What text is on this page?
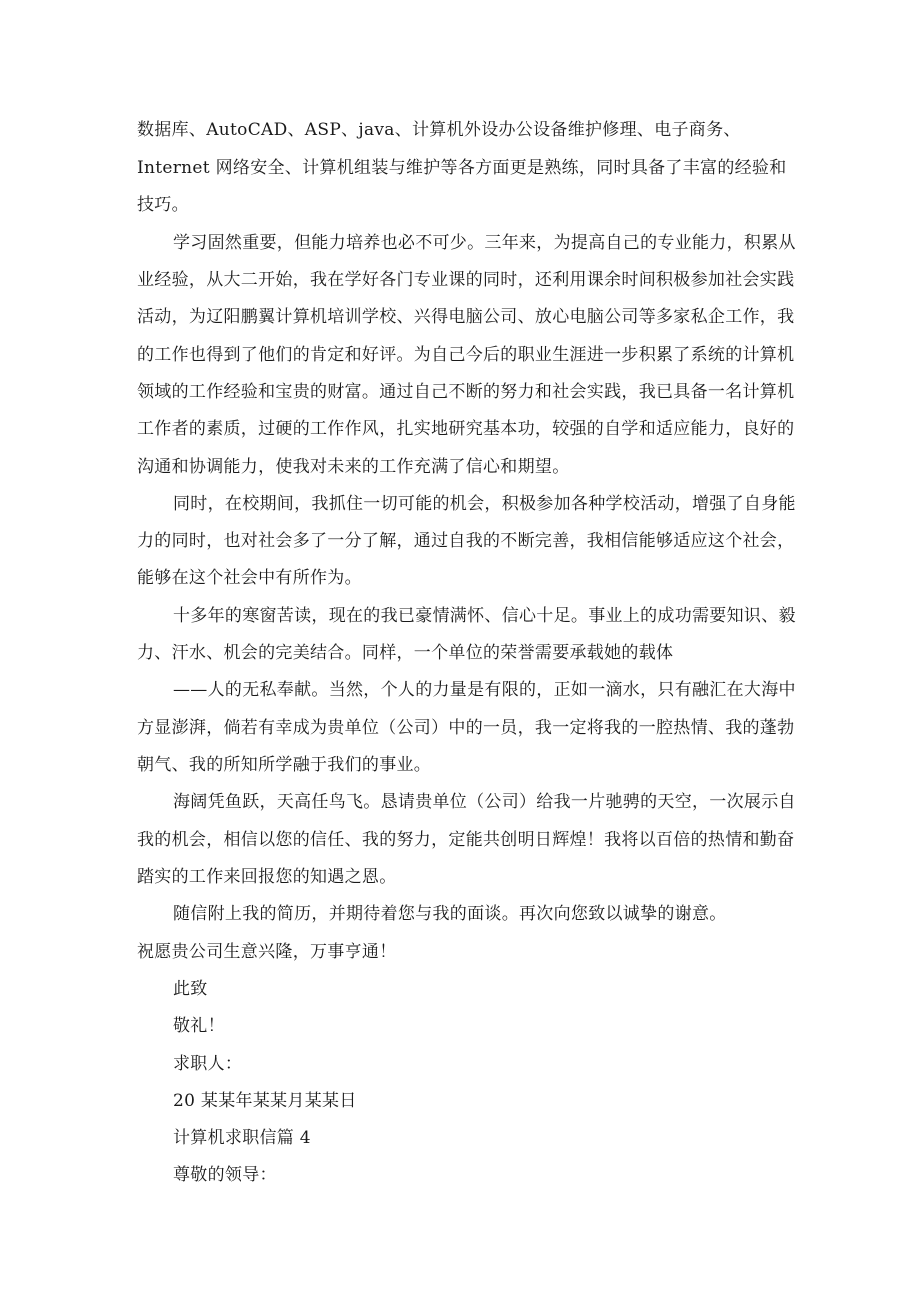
数据库、AutoCAD、ASP、java、计算机外设办公设备维护修理、电子商务、
Internet 网络安全、计算机组装与维护等各方面更是熟练，同时具备了丰富的经验和
技巧。
学习固然重要，但能力培养也必不可少。三年来，为提高自己的专业能力，积累从
业经验，从大二开始，我在学好各门专业课的同时，还利用课余时间积极参加社会实践
活动，为辽阳鹏翼计算机培训学校、兴得电脑公司、放心电脑公司等多家私企工作，我
的工作也得到了他们的肯定和好评。为自己今后的职业生涯进一步积累了系统的计算机
领域的工作经验和宝贵的财富。通过自己不断的努力和社会实践，我已具备一名计算机
工作者的素质，过硬的工作作风，扎实地研究基本功，较强的自学和适应能力，良好的
沟通和协调能力，使我对未来的工作充满了信心和期望。
同时，在校期间，我抓住一切可能的机会，积极参加各种学校活动，增强了自身能
力的同时，也对社会多了一分了解，通过自我的不断完善，我相信能够适应这个社会，
能够在这个社会中有所作为。
十多年的寒窗苦读，现在的我已豪情满怀、信心十足。事业上的成功需要知识、毅
力、汗水、机会的完美结合。同样，一个单位的荣誉需要承载她的载体
——人的无私奉献。当然，个人的力量是有限的，正如一滴水，只有融汇在大海中
方显澎湃，倘若有幸成为贵单位（公司）中的一员，我一定将我的一腔热情、我的蓬勃
朝气、我的所知所学融于我们的事业。
海阔凭鱼跃，天高任鸟飞。恳请贵单位（公司）给我一片驰骋的天空，一次展示自
我的机会，相信以您的信任、我的努力，定能共创明日辉煌！我将以百倍的热情和勤奋
踏实的工作来回报您的知遇之恩。
随信附上我的简历，并期待着您与我的面谈。再次向您致以诚挚的谢意。
祝愿贵公司生意兴隆，万事亨通！
此致
敬礼！
求职人：
20 某某年某某月某某日
计算机求职信篇 4
尊敬的领导：
